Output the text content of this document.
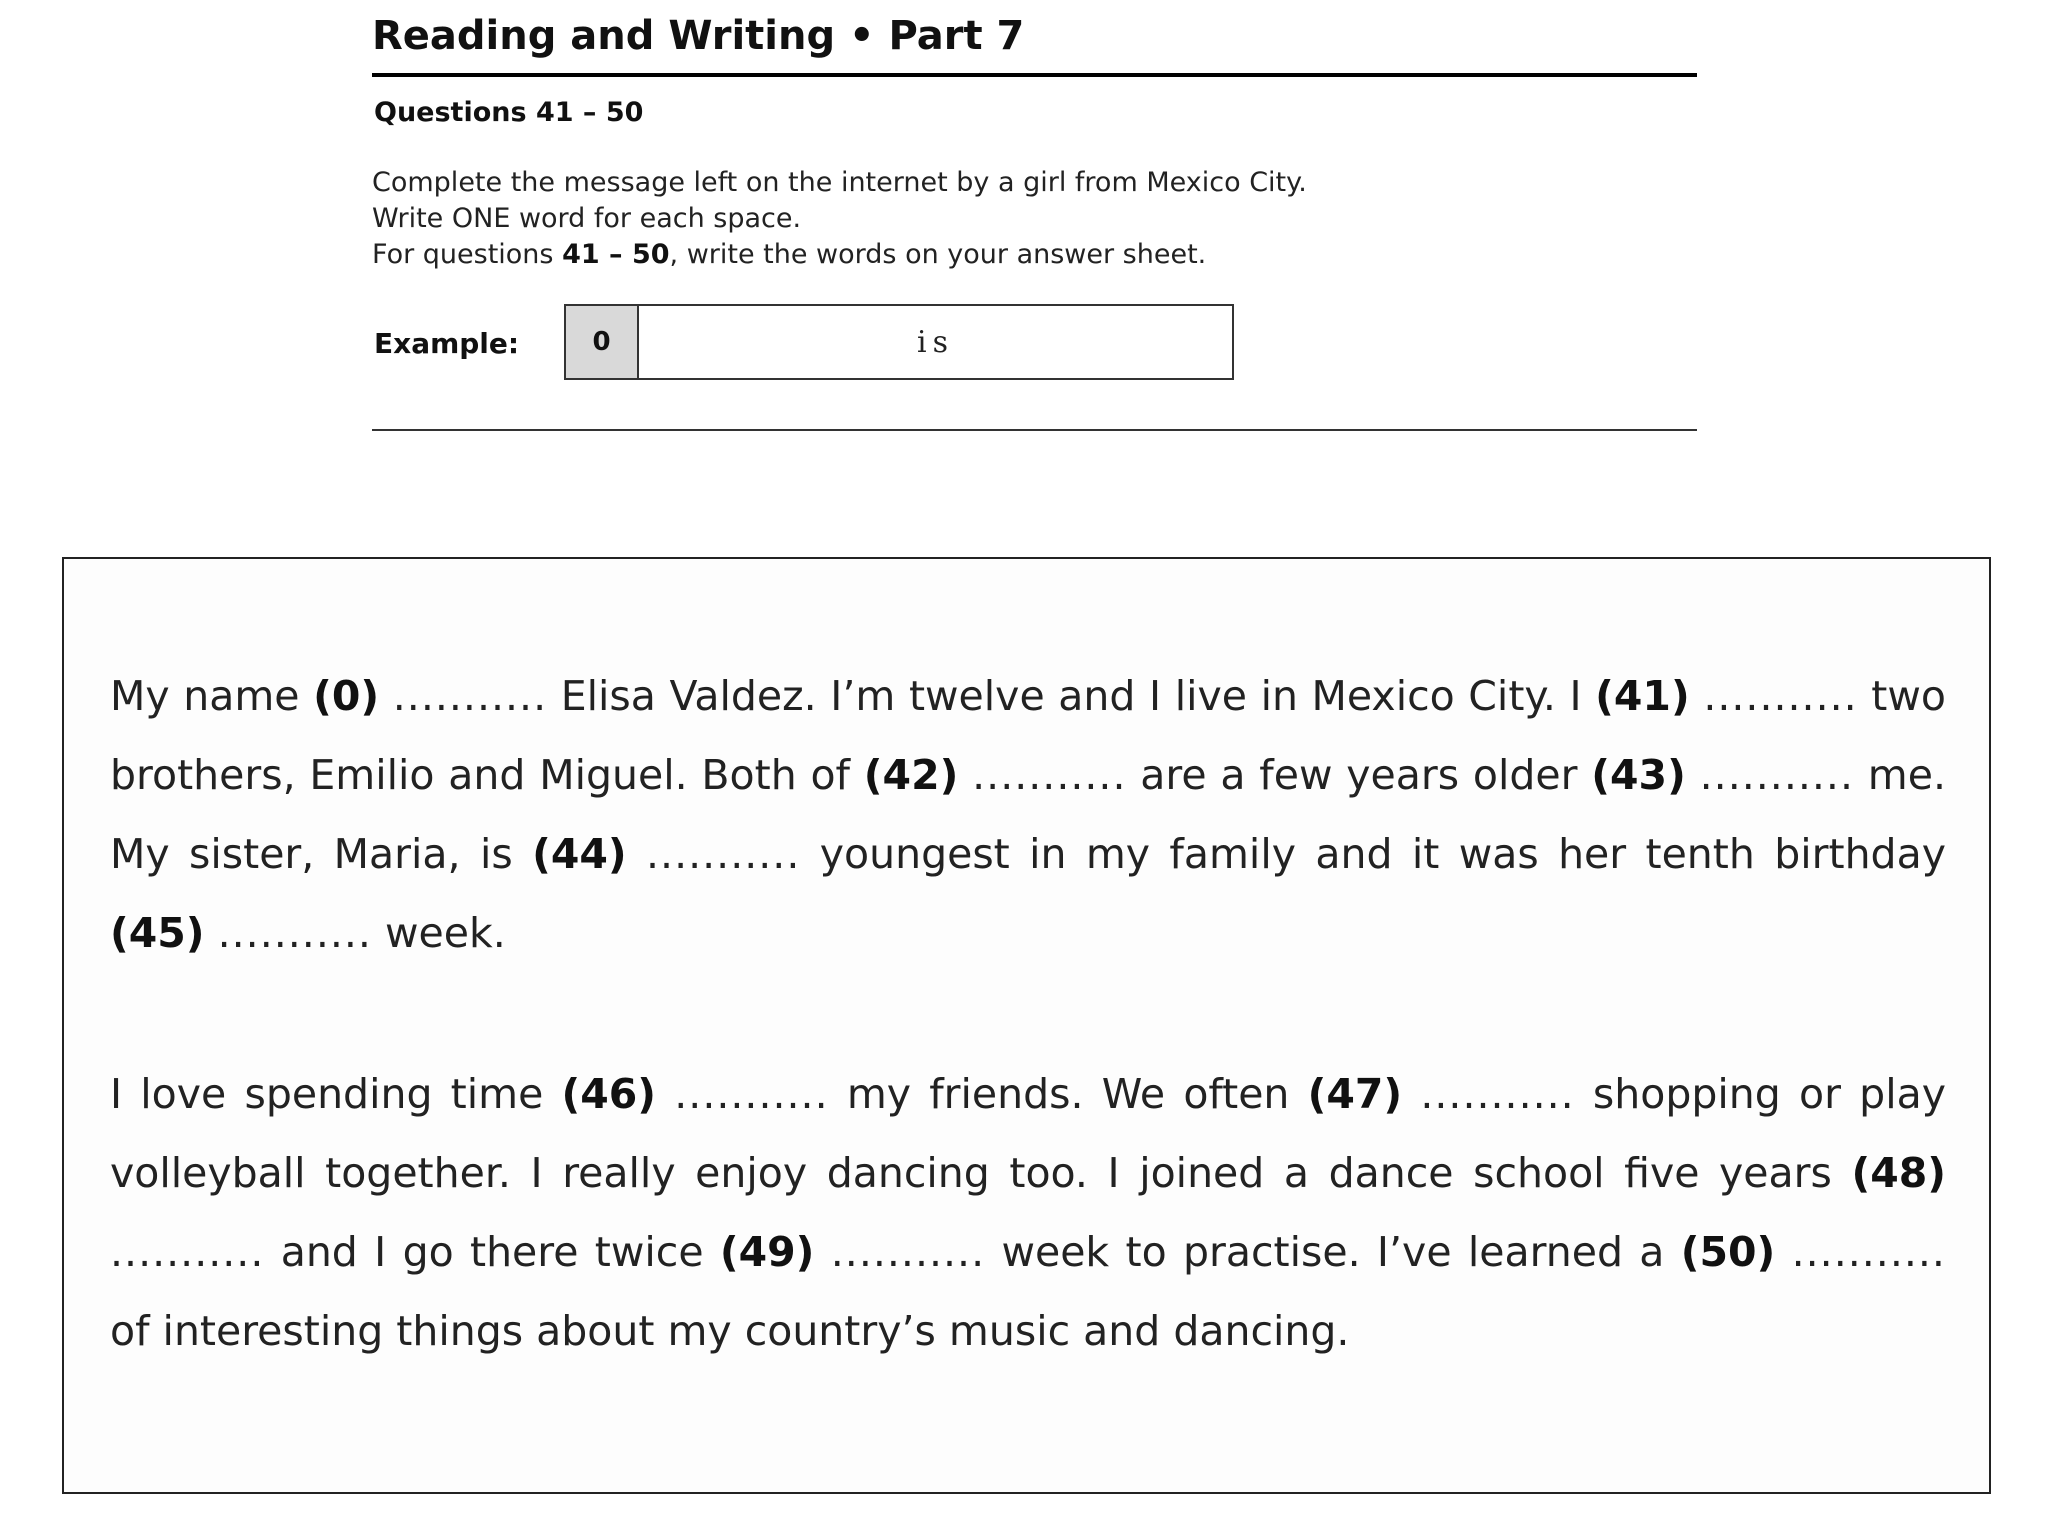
Reading and Writing • Part 7
Questions 41 – 50
Complete the message left on the internet by a girl from Mexico City.
Write ONE word for each space.
For questions 41 – 50, write the words on your answer sheet.
Example:	0	is
My name (0) ........... Elisa Valdez. I’m twelve and I live in Mexico City. I (41) ........... two brothers, Emilio and Miguel. Both of (42) ........... are a few years older (43) ........... me. My sister, Maria, is (44) ........... youngest in my family and it was her tenth birthday (45) ........... week.
I love spending time (46) ........... my friends. We often (47) ........... shopping or play volleyball together. I really enjoy dancing too. I joined a dance school five years (48) ........... and I go there twice (49) ........... week to practise. I’ve learned a (50) ........... of interesting things about my country’s music and dancing.
